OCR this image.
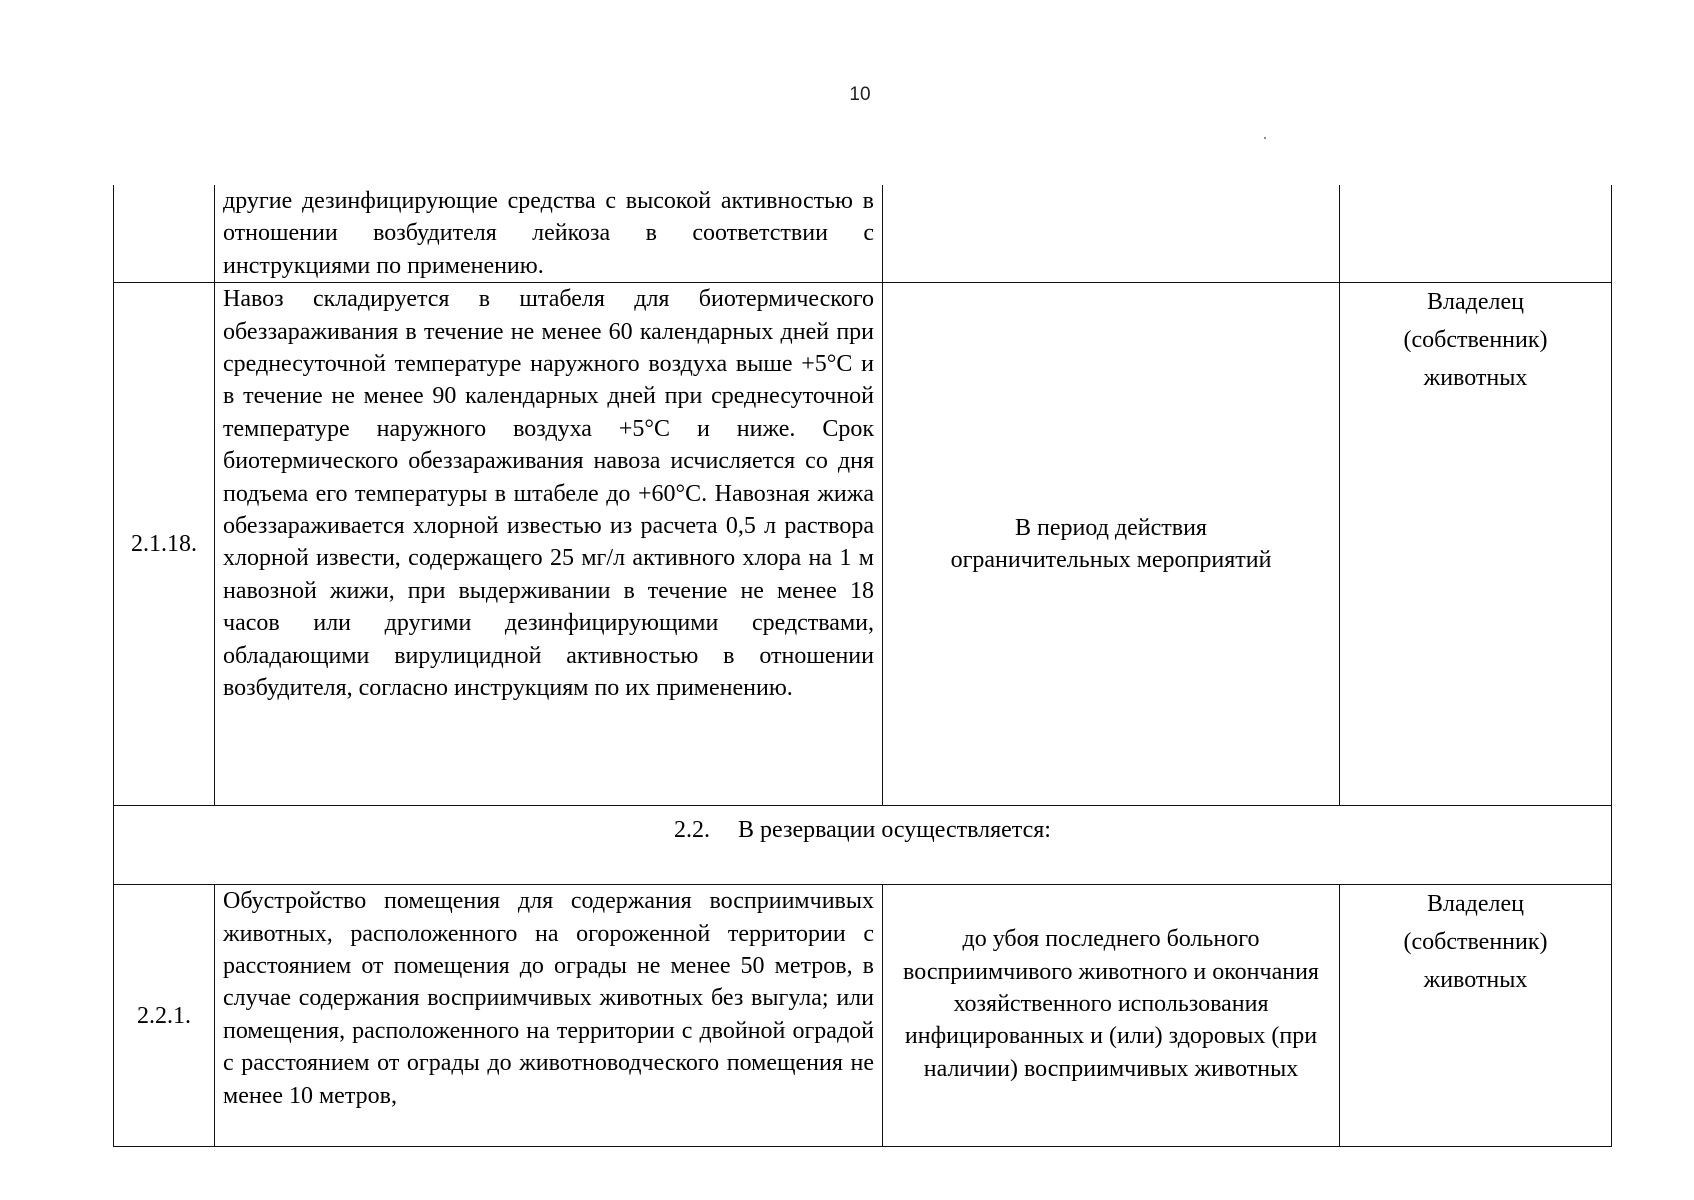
10
	другие дезинфицирующие средства с высокой активностью в отношении возбудителя лейкоза в соответствии с инструкциями по применению.		
2.1.18.	Навоз складируется в штабеля для биотермического обеззараживания в течение не менее 60 календарных дней при среднесуточной температуре наружного воздуха выше +5°С и в течение не менее 90 календарных дней при среднесуточной температуре наружного воздуха +5°С и ниже. Срок биотермического обеззараживания навоза исчисляется со дня подъема его температуры в штабеле до +60°С. Навозная жижа обеззараживается хлорной известью из расчета 0,5 л раствора хлорной извести, содержащего 25 мг/л активного хлора на 1 м навозной жижи, при выдерживании в течение не менее 18 часов или другими дезинфицирующими средствами, обладающими вирулицидной активностью в отношении возбудителя, согласно инструкциям по их применению.	В период действия ограничительных мероприятий	Владелец (собственник) животных
2.2. В резервации осуществляется:			
2.2.1.	Обустройство помещения для содержания восприимчивых животных, расположенного на огороженной территории с расстоянием от помещения до ограды не менее 50 метров, в случае содержания восприимчивых животных без выгула; или помещения, расположенного на территории с двойной оградой с расстоянием от ограды до животноводческого помещения не менее 10 метров,	до убоя последнего больного восприимчивого животного и окончания хозяйственного использования инфицированных и (или) здоровых (при наличии) восприимчивых животных	Владелец (собственник) животных
